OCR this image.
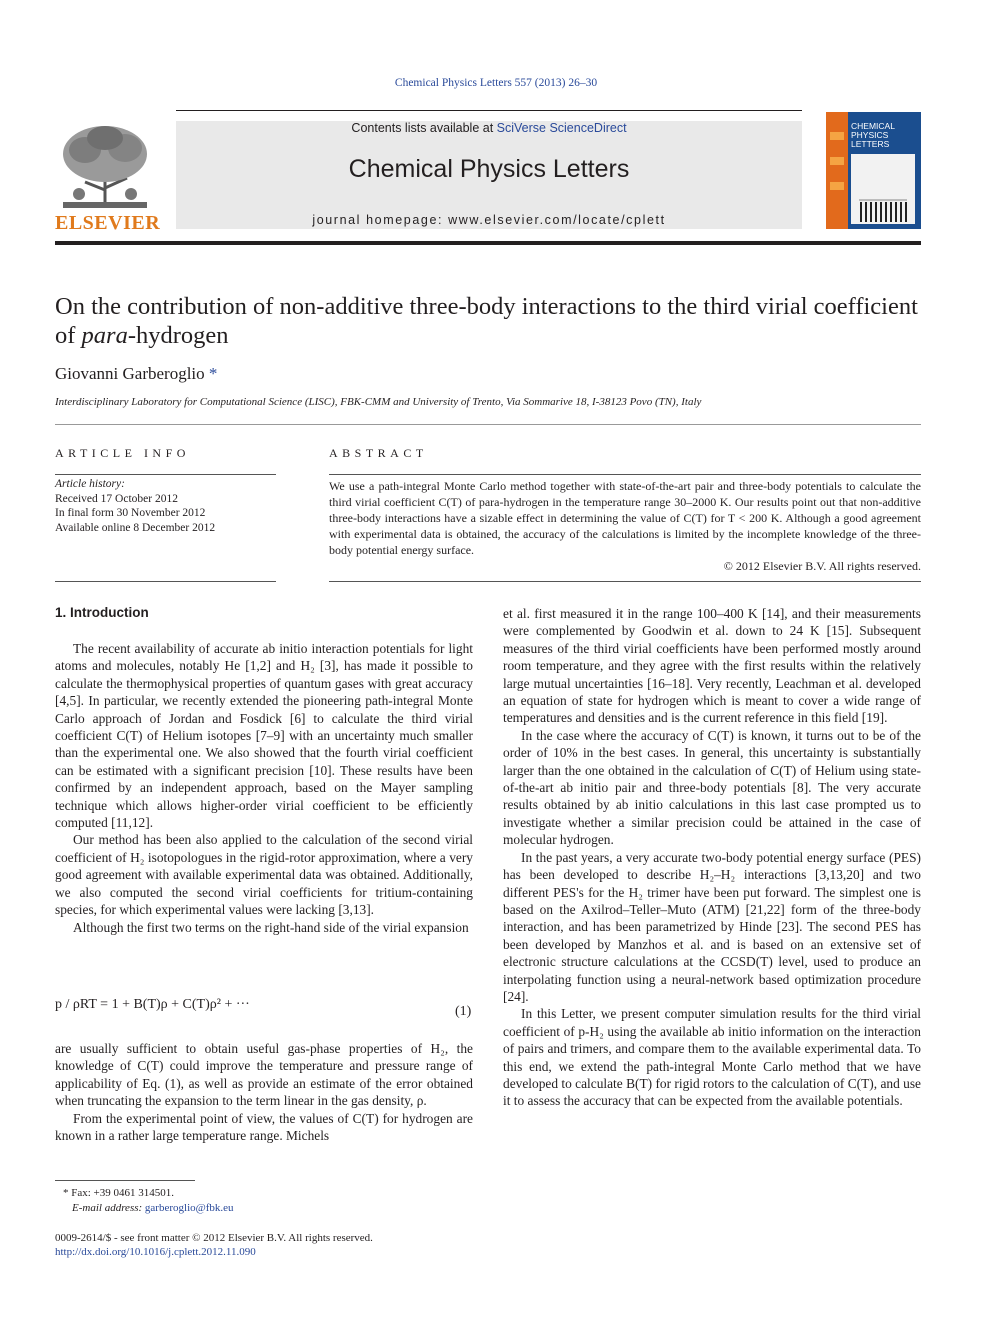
Chemical Physics Letters 557 (2013) 26–30
ELSEVIER
Contents lists available at SciVerse ScienceDirect
Chemical Physics Letters
journal homepage: www.elsevier.com/locate/cplett
CHEMICAL PHYSICS LETTERS
On the contribution of non-additive three-body interactions to the third virial coefficient of para-hydrogen
Giovanni Garberoglio *
Interdisciplinary Laboratory for Computational Science (LISC), FBK-CMM and University of Trento, Via Sommarive 18, I-38123 Povo (TN), Italy
ARTICLE INFO
Article history:
Received 17 October 2012
In final form 30 November 2012
Available online 8 December 2012
ABSTRACT
We use a path-integral Monte Carlo method together with state-of-the-art pair and three-body potentials to calculate the third virial coefficient C(T) of para-hydrogen in the temperature range 30–2000 K. Our results point out that non-additive three-body interactions have a sizable effect in determining the value of C(T) for T < 200 K. Although a good agreement with experimental data is obtained, the accuracy of the calculations is limited by the incomplete knowledge of the three-body potential energy surface.
© 2012 Elsevier B.V. All rights reserved.
1. Introduction

The recent availability of accurate ab initio interaction potentials for light atoms and molecules, notably He [1,2] and H₂ [3], has made it possible to calculate the thermophysical properties of quantum gases with great accuracy [4,5]. In particular, we recently extended the pioneering path-integral Monte Carlo approach of Jordan and Fosdick [6] to calculate the third virial coefficient C(T) of Helium isotopes [7–9] with an uncertainty much smaller than the experimental one. We also showed that the fourth virial coefficient can be estimated with a significant precision [10]. These results have been confirmed by an independent approach, based on the Mayer sampling technique which allows higher-order virial coefficient to be efficiently computed [11,12].

Our method has been also applied to the calculation of the second virial coefficient of H₂ isotopologues in the rigid-rotor approximation, where a very good agreement with available experimental data was obtained. Additionally, we also computed the second virial coefficients for tritium-containing species, for which experimental values were lacking [3,13].

Although the first two terms on the right-hand side of the virial expansion

p / ρRT = 1 + B(T)ρ + C(T)ρ² + ···	(1)

are usually sufficient to obtain useful gas-phase properties of H₂, the knowledge of C(T) could improve the temperature and pressure range of applicability of Eq. (1), as well as provide an estimate of the error obtained when truncating the expansion to the term linear in the gas density, ρ.

From the experimental point of view, the values of C(T) for hydrogen are known in a rather large temperature range. Michels

et al. first measured it in the range 100–400 K [14], and their measurements were complemented by Goodwin et al. down to 24 K [15]. Subsequent measures of the third virial coefficients have been performed mostly around room temperature, and they agree with the first results within the relatively large mutual uncertainties [16–18]. Very recently, Leachman et al. developed an equation of state for hydrogen which is meant to cover a wide range of temperatures and densities and is the current reference in this field [19].

In the case where the accuracy of C(T) is known, it turns out to be of the order of 10% in the best cases. In general, this uncertainty is substantially larger than the one obtained in the calculation of C(T) of Helium using state-of-the-art ab initio pair and three-body potentials [8]. The very accurate results obtained by ab initio calculations in this last case prompted us to investigate whether a similar precision could be attained in the case of molecular hydrogen.

In the past years, a very accurate two-body potential energy surface (PES) has been developed to describe H₂–H₂ interactions [3,13,20] and two different PES's for the H₂ trimer have been put forward. The simplest one is based on the Axilrod–Teller–Muto (ATM) [21,22] form of the three-body interaction, and has been parametrized by Hinde [23]. The second PES has been developed by Manzhos et al. and is based on an extensive set of electronic structure calculations at the CCSD(T) level, used to produce an interpolating function using a neural-network based optimization procedure [24].

In this Letter, we present computer simulation results for the third virial coefficient of p-H₂ using the available ab initio information on the interaction of pairs and trimers, and compare them to the available experimental data. To this end, we extend the path-integral Monte Carlo method that we have developed to calculate B(T) for rigid rotors to the calculation of C(T), and use it to assess the accuracy that can be expected from the available potentials.

* Fax: +39 0461 314501.
E-mail address: garberoglio@fbk.eu
0009-2614/$ - see front matter © 2012 Elsevier B.V. All rights reserved.
http://dx.doi.org/10.1016/j.cplett.2012.11.090
